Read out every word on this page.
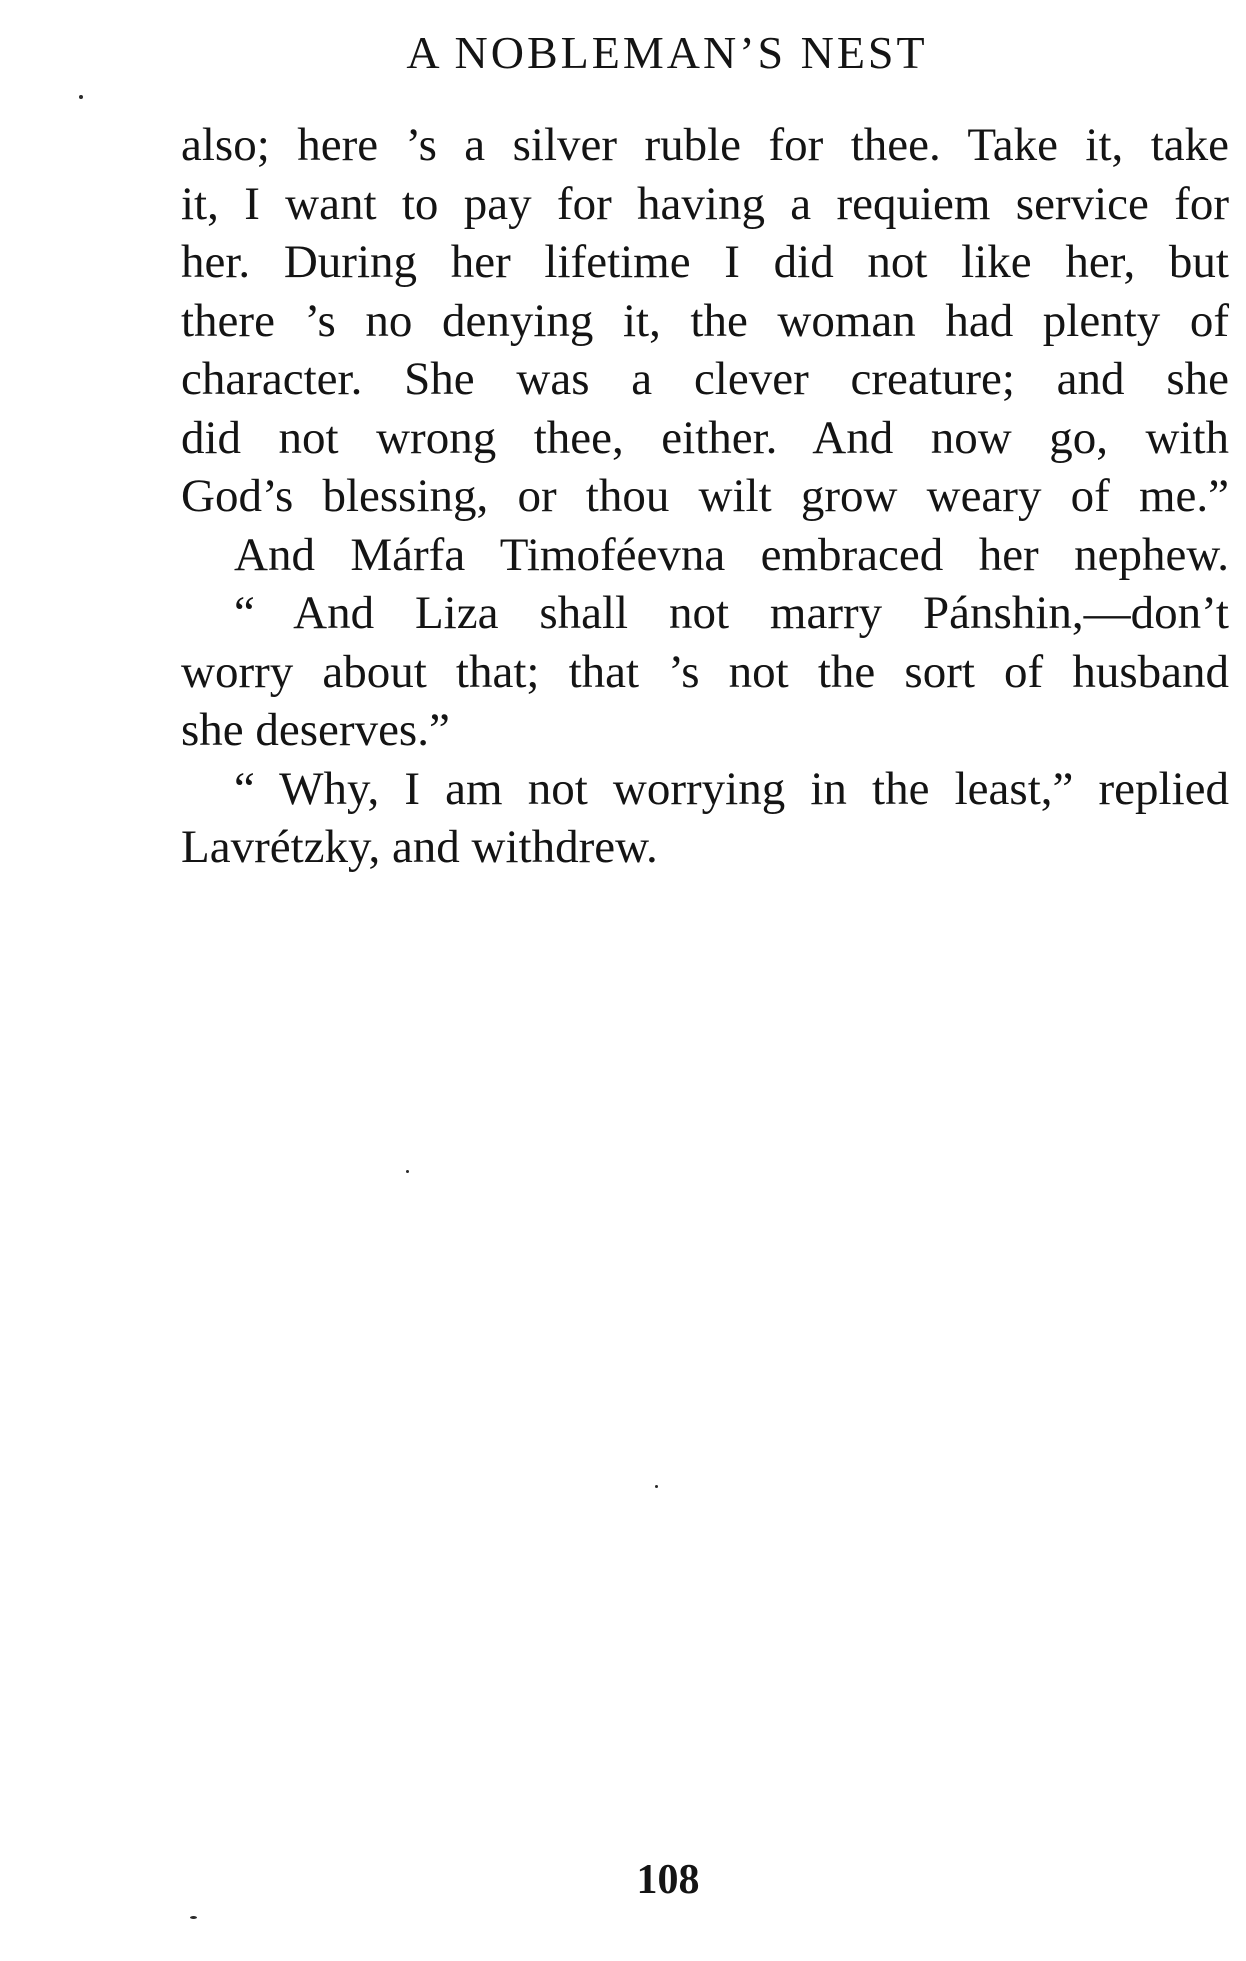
A NOBLEMAN’S NEST
also; here ’s a silver ruble for thee. Take it, take
it, I want to pay for having a requiem service for
her. During her lifetime I did not like her, but
there ’s no denying it, the woman had plenty of
character. She was a clever creature; and she
did not wrong thee, either. And now go, with
God’s blessing, or thou wilt grow weary of me.”
And Márfa Timoféevna embraced her nephew.
“ And Liza shall not marry Pánshin,—don’t
worry about that; that ’s not the sort of husband
she deserves.”
“ Why, I am not worrying in the least,” replied
Lavrétzky, and withdrew.
108
